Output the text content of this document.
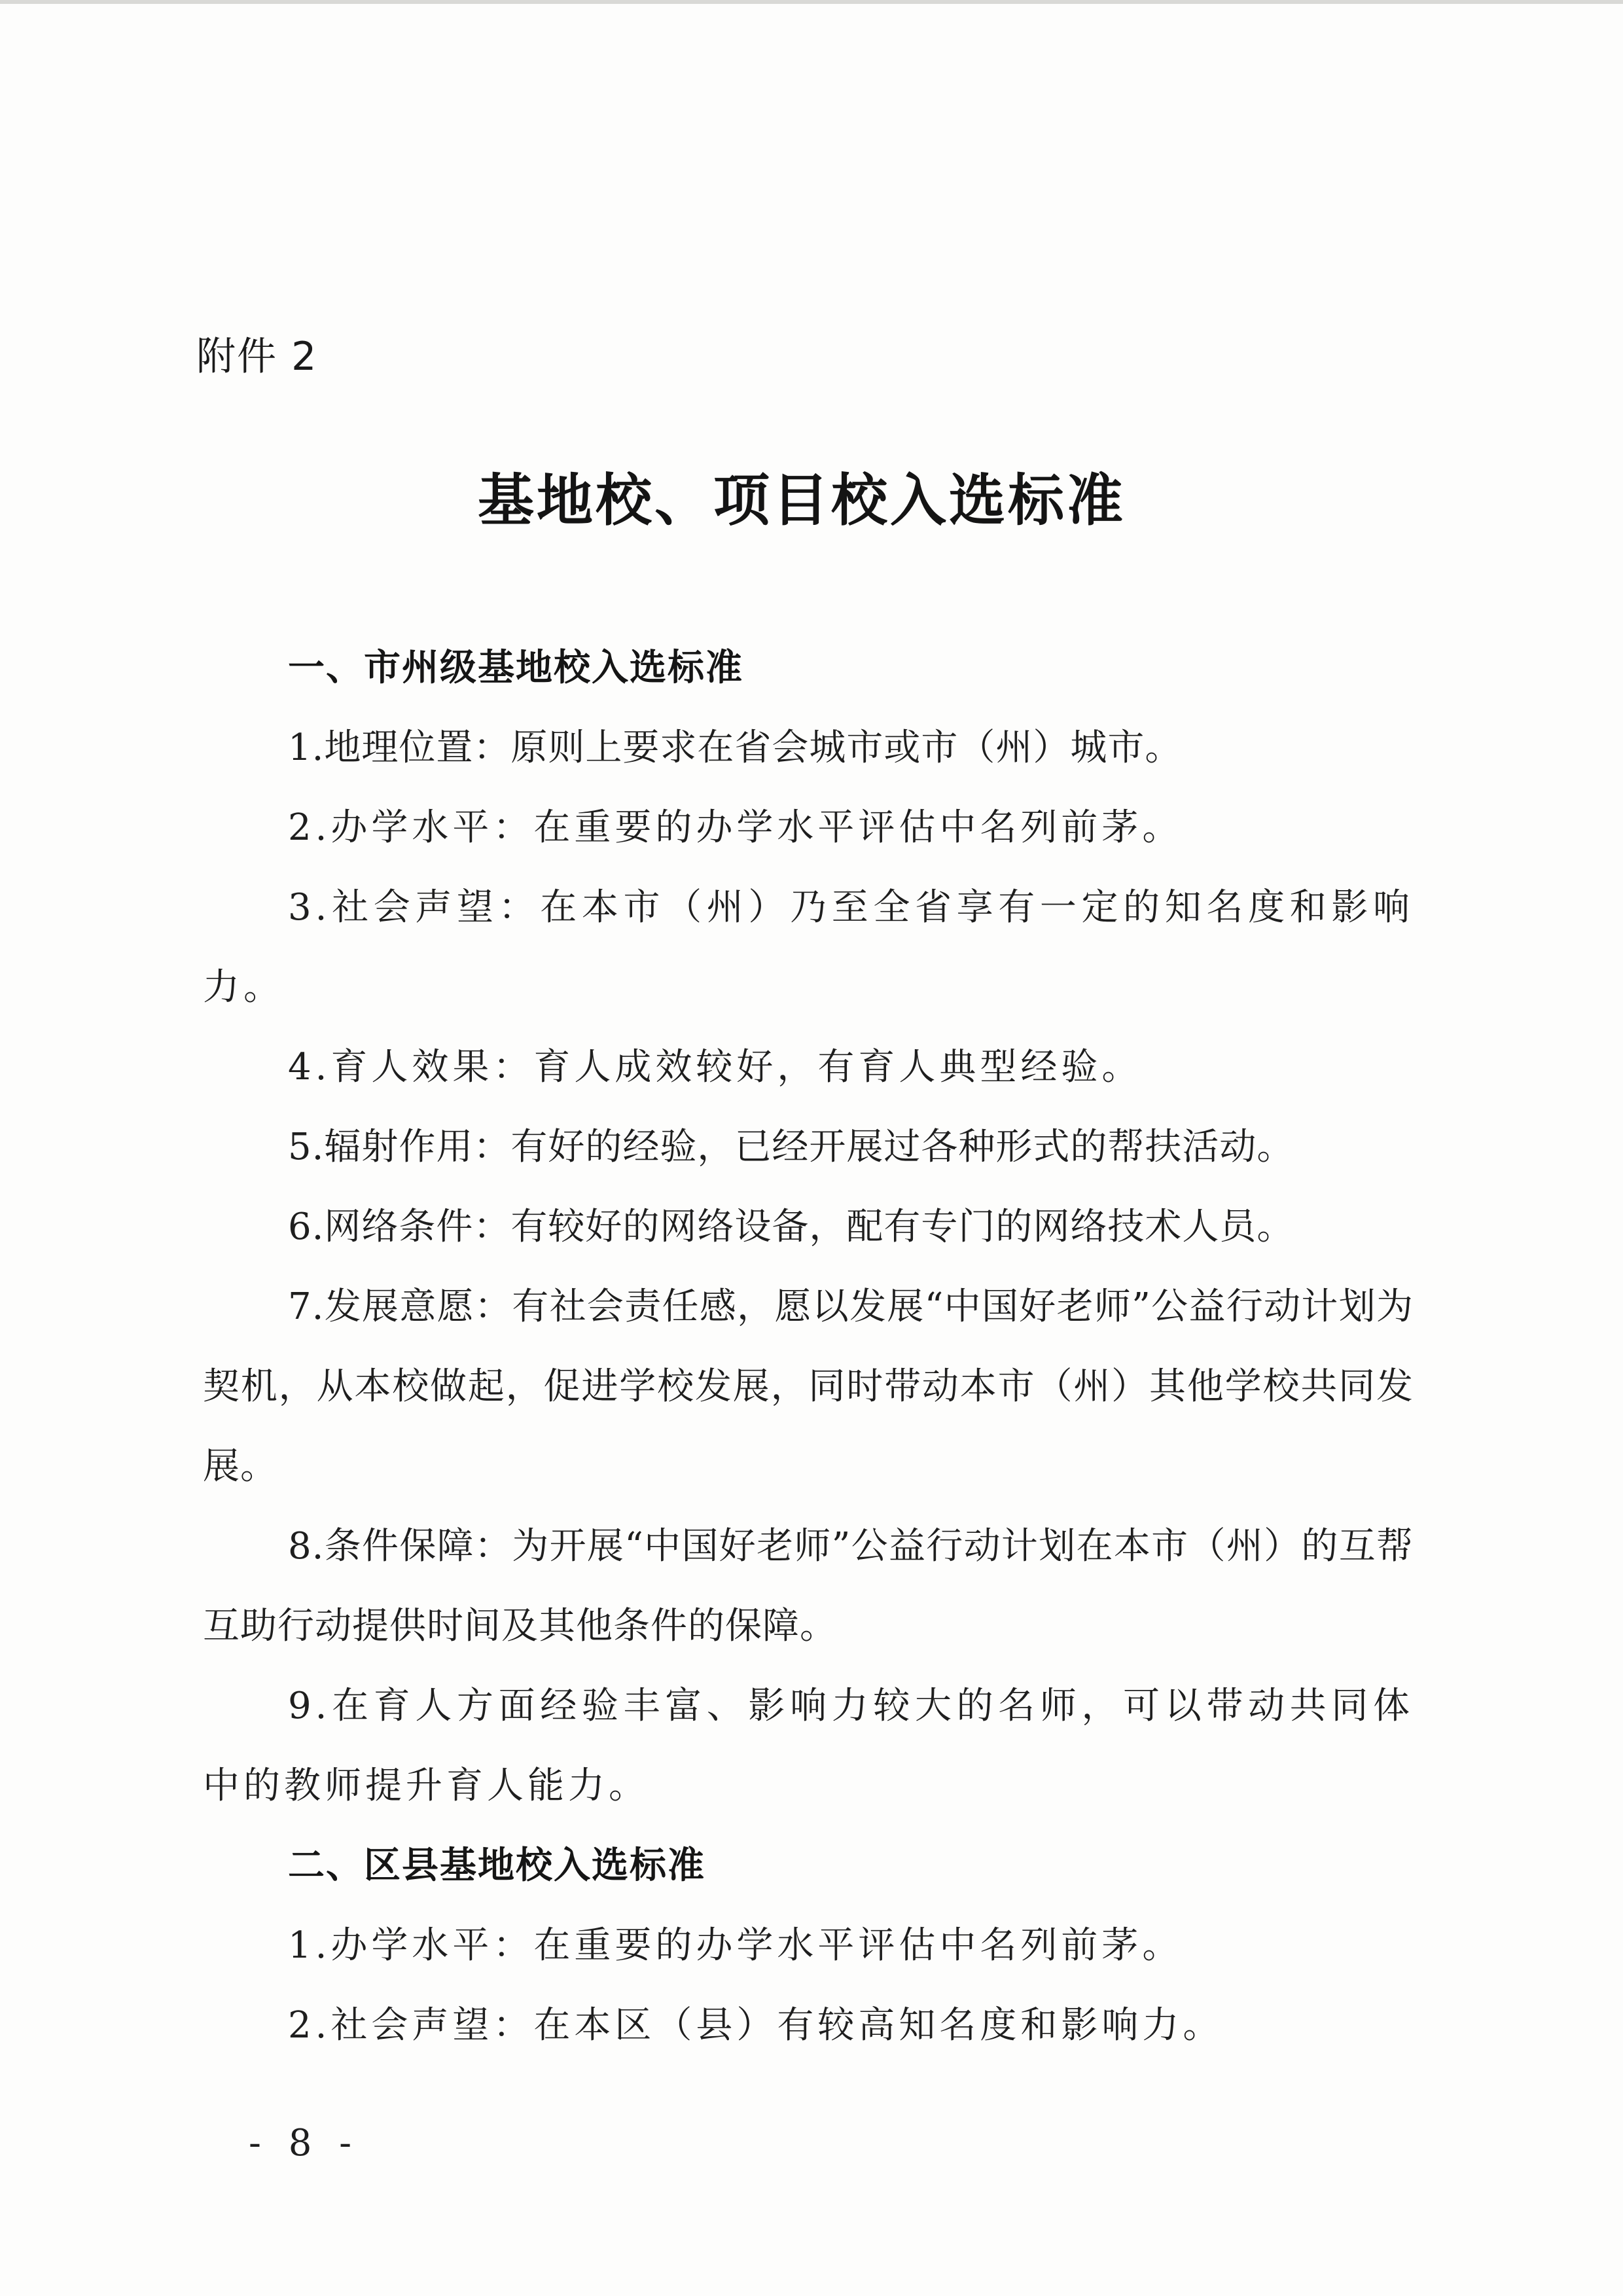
附件 2
基地校、项目校入选标准
一、市州级基地校入选标准
1.地理位置：原则上要求在省会城市或市（州）城市。
2.办学水平：在重要的办学水平评估中名列前茅。
3.社会声望：在本市（州）乃至全省享有一定的知名度和影响力。
4.育人效果：育人成效较好，有育人典型经验。
5.辐射作用：有好的经验，已经开展过各种形式的帮扶活动。
6.网络条件：有较好的网络设备，配有专门的网络技术人员。
7.发展意愿：有社会责任感，愿以发展“中国好老师”公益行动计划为契机，从本校做起，促进学校发展，同时带动本市（州）其他学校共同发展。
8.条件保障：为开展“中国好老师”公益行动计划在本市（州）的互帮互助行动提供时间及其他条件的保障。
9.在育人方面经验丰富、影响力较大的名师，可以带动共同体中的教师提升育人能力。
二、区县基地校入选标准
1.办学水平：在重要的办学水平评估中名列前茅。
2.社会声望：在本区（县）有较高知名度和影响力。
- 8 -
